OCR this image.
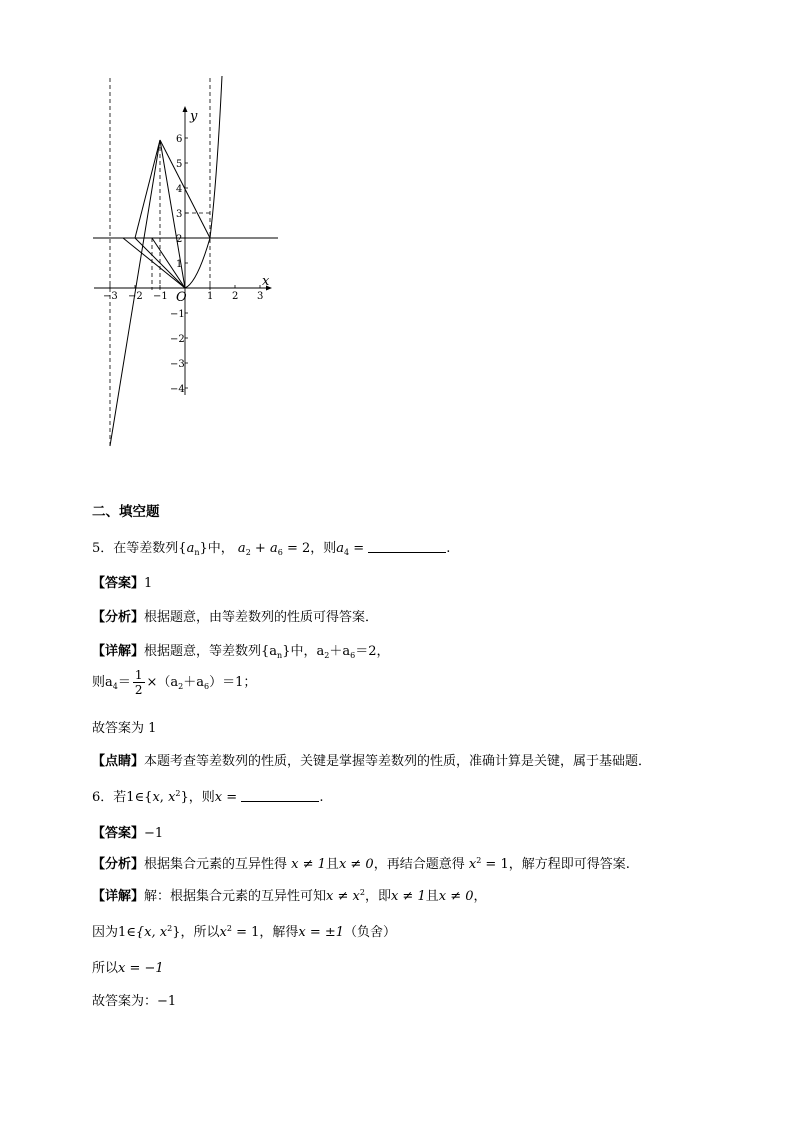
−3 −2 −1	1 2 3
6
5
4
3
2
1
−1
−2
−3
−4
x
y
O
二、填空题
5．在等差数列$\{a_n\}$中， $a_2 + a_6 = 2$，则$a_4$ =	.
【答案】1
【分析】根据题意，由等差数列的性质可得答案．
【详解】根据题意，等差数列$\{a_n\}$中，$a_2+a_6=2$，
则$a_4= \frac{1}{2} \times(a_2+a_6)=1$；
故答案为 1
【点睛】本题考查等差数列的性质，关键是掌握等差数列的性质，准确计算是关键，属于基础题．
6．若1∈{x, $x^2$}，则x =	.
【答案】−1
【分析】根据集合元素的互异性得 x ≠ 1且x ≠ 0，再结合题意得 $x^2 = 1$，解方程即可得答案.
【详解】解：根据集合元素的互异性可知$x \ne x^2$，即x ≠ 1且x ≠ 0，
因为1∈{x, $x^2$}，所以$x^2 = 1$，解得x = ±1（负舍）
所以x = −1
故答案为：−1
